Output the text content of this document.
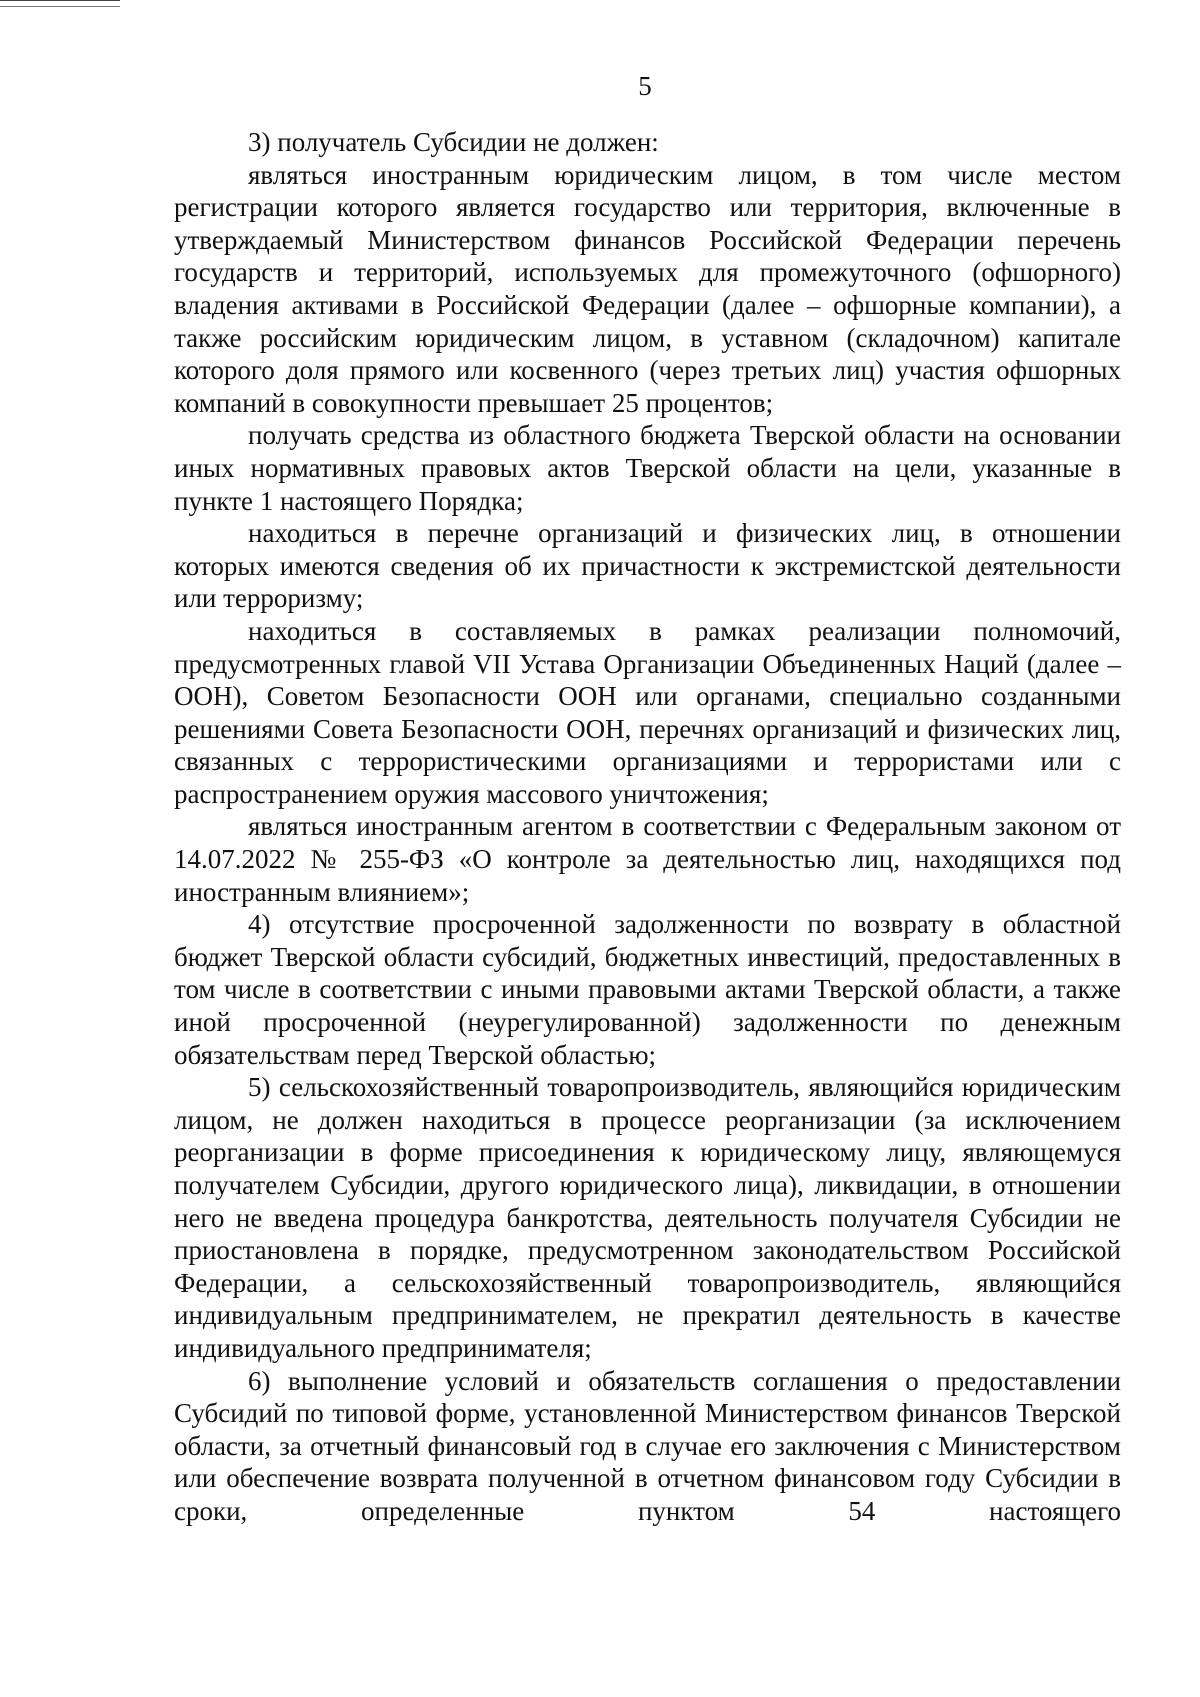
5

3) получатель Субсидии не должен:

являться иностранным юридическим лицом, в том числе местом регистрации которого является государство или территория, включенные в утверждаемый Министерством финансов Российской Федерации перечень государств и территорий, используемых для промежуточного (офшорного) владения активами в Российской Федерации (далее – офшорные компании), а также российским юридическим лицом, в уставном (складочном) капитале которого доля прямого или косвенного (через третьих лиц) участия офшорных компаний в совокупности превышает 25 процентов;

получать средства из областного бюджета Тверской области на основании иных нормативных правовых актов Тверской области на цели, указанные в пункте 1 настоящего Порядка;

находиться в перечне организаций и физических лиц, в отношении которых имеются сведения об их причастности к экстремистской деятельности или терроризму;

находиться в составляемых в рамках реализации полномочий, предусмотренных главой VII Устава Организации Объединенных Наций (далее – ООН), Советом Безопасности ООН или органами, специально созданными решениями Совета Безопасности ООН, перечнях организаций и физических лиц, связанных с террористическими организациями и террористами или с распространением оружия массового уничтожения;

являться иностранным агентом в соответствии с Федеральным законом от 14.07.2022 № 255-ФЗ «О контроле за деятельностью лиц, находящихся под иностранным влиянием»;

4) отсутствие просроченной задолженности по возврату в областной бюджет Тверской области субсидий, бюджетных инвестиций, предоставленных в том числе в соответствии с иными правовыми актами Тверской области, а также иной просроченной (неурегулированной) задолженности по денежным обязательствам перед Тверской областью;

5) сельскохозяйственный товаропроизводитель, являющийся юридическим лицом, не должен находиться в процессе реорганизации (за исключением реорганизации в форме присоединения к юридическому лицу, являющемуся получателем Субсидии, другого юридического лица), ликвидации, в отношении него не введена процедура банкротства, деятельность получателя Субсидии не приостановлена в порядке, предусмотренном законодательством Российской Федерации, а сельскохозяйственный товаропроизводитель, являющийся индивидуальным предпринимателем, не прекратил деятельность в качестве индивидуального предпринимателя;

6) выполнение условий и обязательств соглашения о предоставлении Субсидий по типовой форме, установленной Министерством финансов Тверской области, за отчетный финансовый год в случае его заключения с Министерством или обеспечение возврата полученной в отчетном финансовом году Субсидии в сроки, определенные пунктом 54 настоящего
